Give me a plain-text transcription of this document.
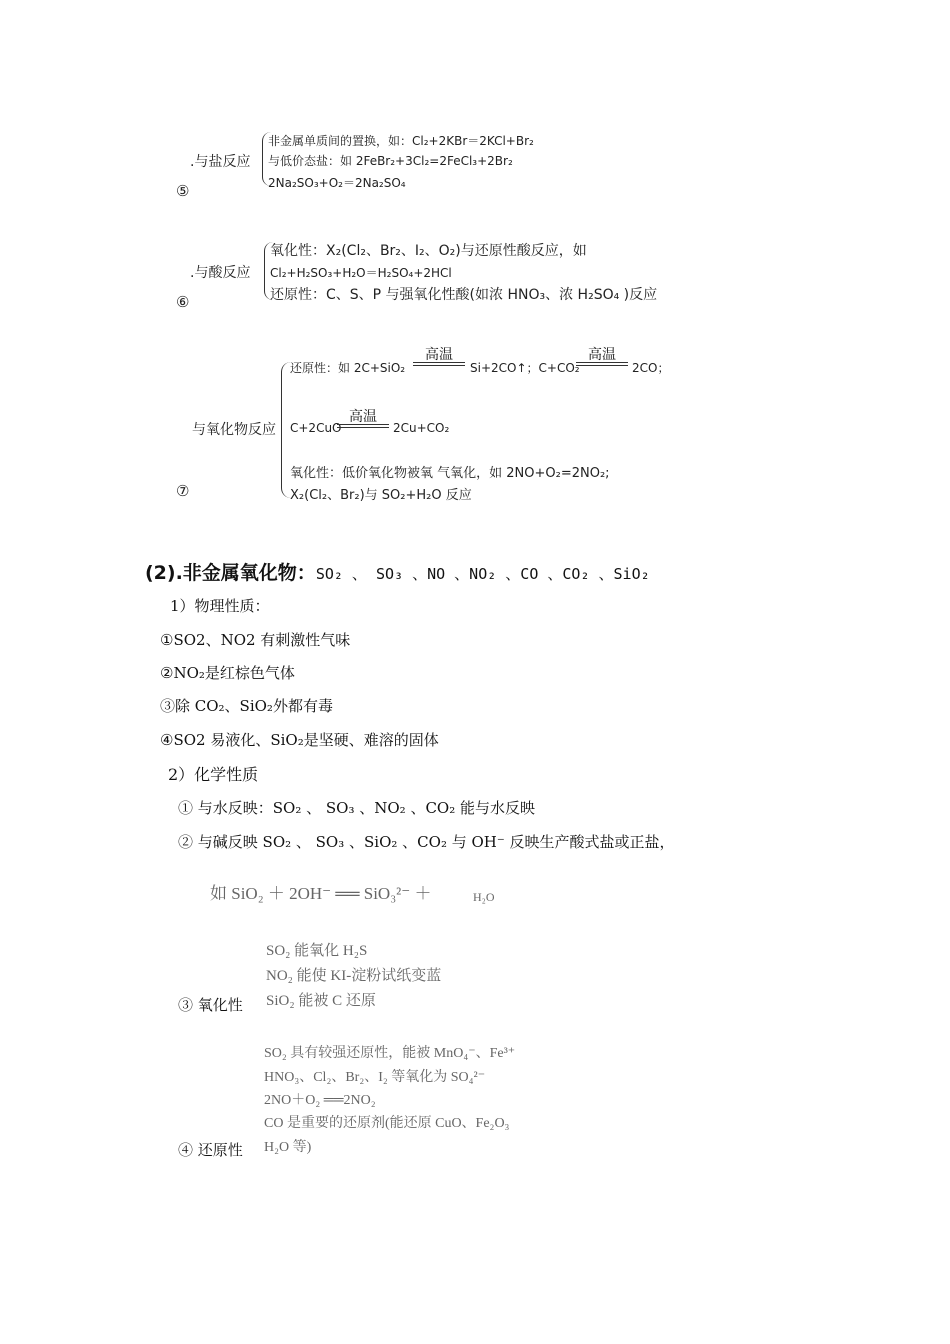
.与盐反应
非金属单质间的置换，如：Cl₂+2KBr＝2KCl+Br₂
与低价态盐：如 2FeBr₂+3Cl₂=2FeCl₃+2Br₂
2Na₂SO₃+O₂＝2Na₂SO₄
⑤
.与酸反应
氧化性：X₂(Cl₂、Br₂、I₂、O₂)与还原性酸反应，如
Cl₂+H₂SO₃+H₂O＝H₂SO₄+2HCl
还原性：C、S、P 与强氧化性酸(如浓 HNO₃、浓 H₂SO₄ )反应
⑥
与氧化物反应
还原性：如 2C+SiO₂
高温
Si+2CO↑；C+CO₂
高温
2CO；
C+2CuO
高温
2Cu+CO₂
氧化性：低价氧化物被氧 气氧化，如 2NO+O₂=2NO₂;
X₂(Cl₂、Br₂)与 SO₂+H₂O 反应
⑦
(2).非金属氧化物：SO₂ 、 SO₃ 、NO 、NO₂ 、CO 、CO₂ 、SiO₂
1）物理性质：
①SO2、NO2 有刺激性气味
②NO₂是红棕色气体
③除 CO₂、SiO₂外都有毒
④SO2 易液化、SiO₂是坚硬、难溶的固体
2）化学性质
① 与水反映：SO₂ 、 SO₃ 、NO₂ 、CO₂ 能与水反映
② 与碱反映 SO₂ 、 SO₃ 、SiO₂ 、CO₂ 与 OH⁻ 反映生产酸式盐或正盐，
如 SiO₂ ＋ 2OH⁻ ══ SiO₃²⁻ ＋	H₂O
SO₂ 能氧化 H₂S
NO₂ 能使 KI-淀粉试纸变蓝
SiO₂ 能被 C 还原
③ 氧化性
SO₂ 具有较强还原性，能被 MnO₄⁻、Fe³⁺
HNO₃、Cl₂、Br₂、I₂ 等氧化为 SO₄²⁻
2NO＋O₂ ══2NO₂
CO 是重要的还原剂(能还原 CuO、Fe₂O₃
H₂O 等)
④ 还原性
